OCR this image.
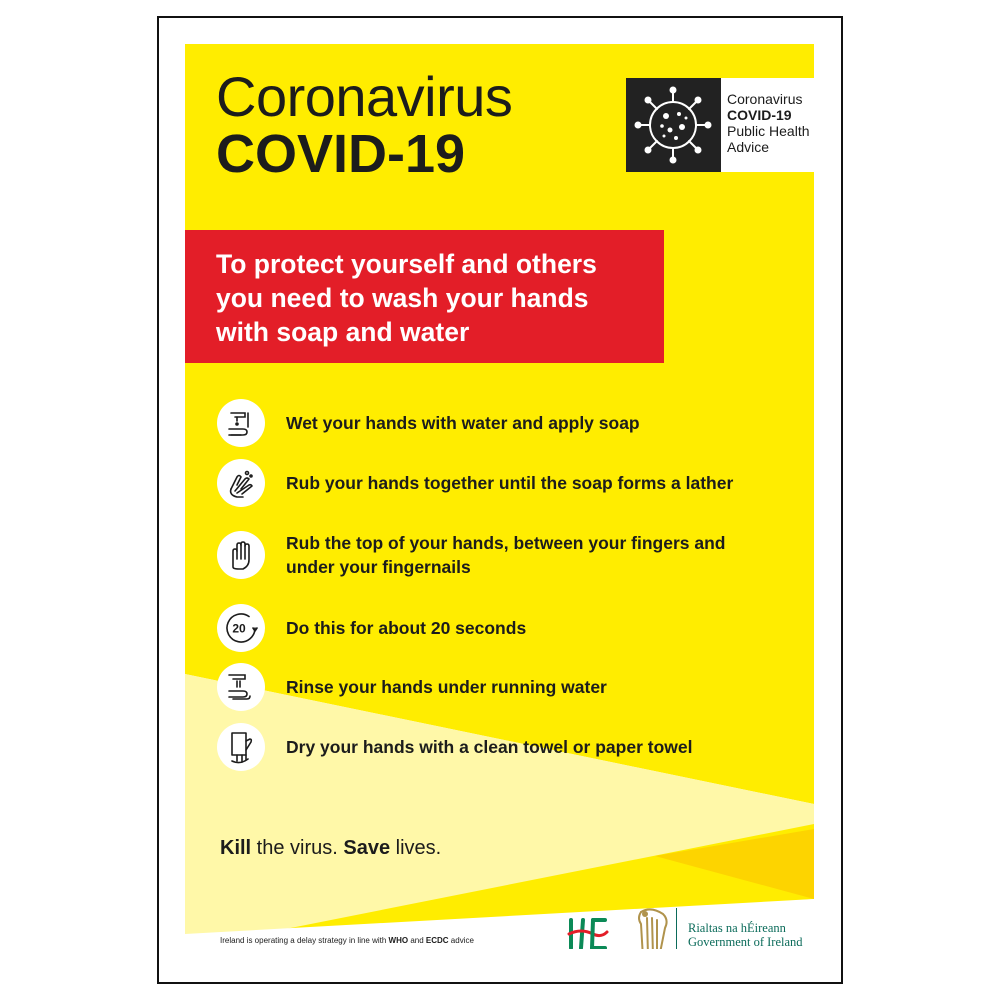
Coronavirus
COVID-19
Coronavirus
COVID-19
Public Health
Advice
To protect yourself and others
you need to wash your hands
with soap and water
Wet your hands with water and apply soap
Rub your hands together until the soap forms a lather
Rub the top of your hands, between your fingers and
under your fingernails
20 Do this for about 20 seconds
Rinse your hands under running water
Dry your hands with a clean towel or paper towel
Kill the virus. Save lives.
Ireland is operating a delay strategy in line with WHO and ECDC advice
Rialtas na hÉireann
Government of Ireland
